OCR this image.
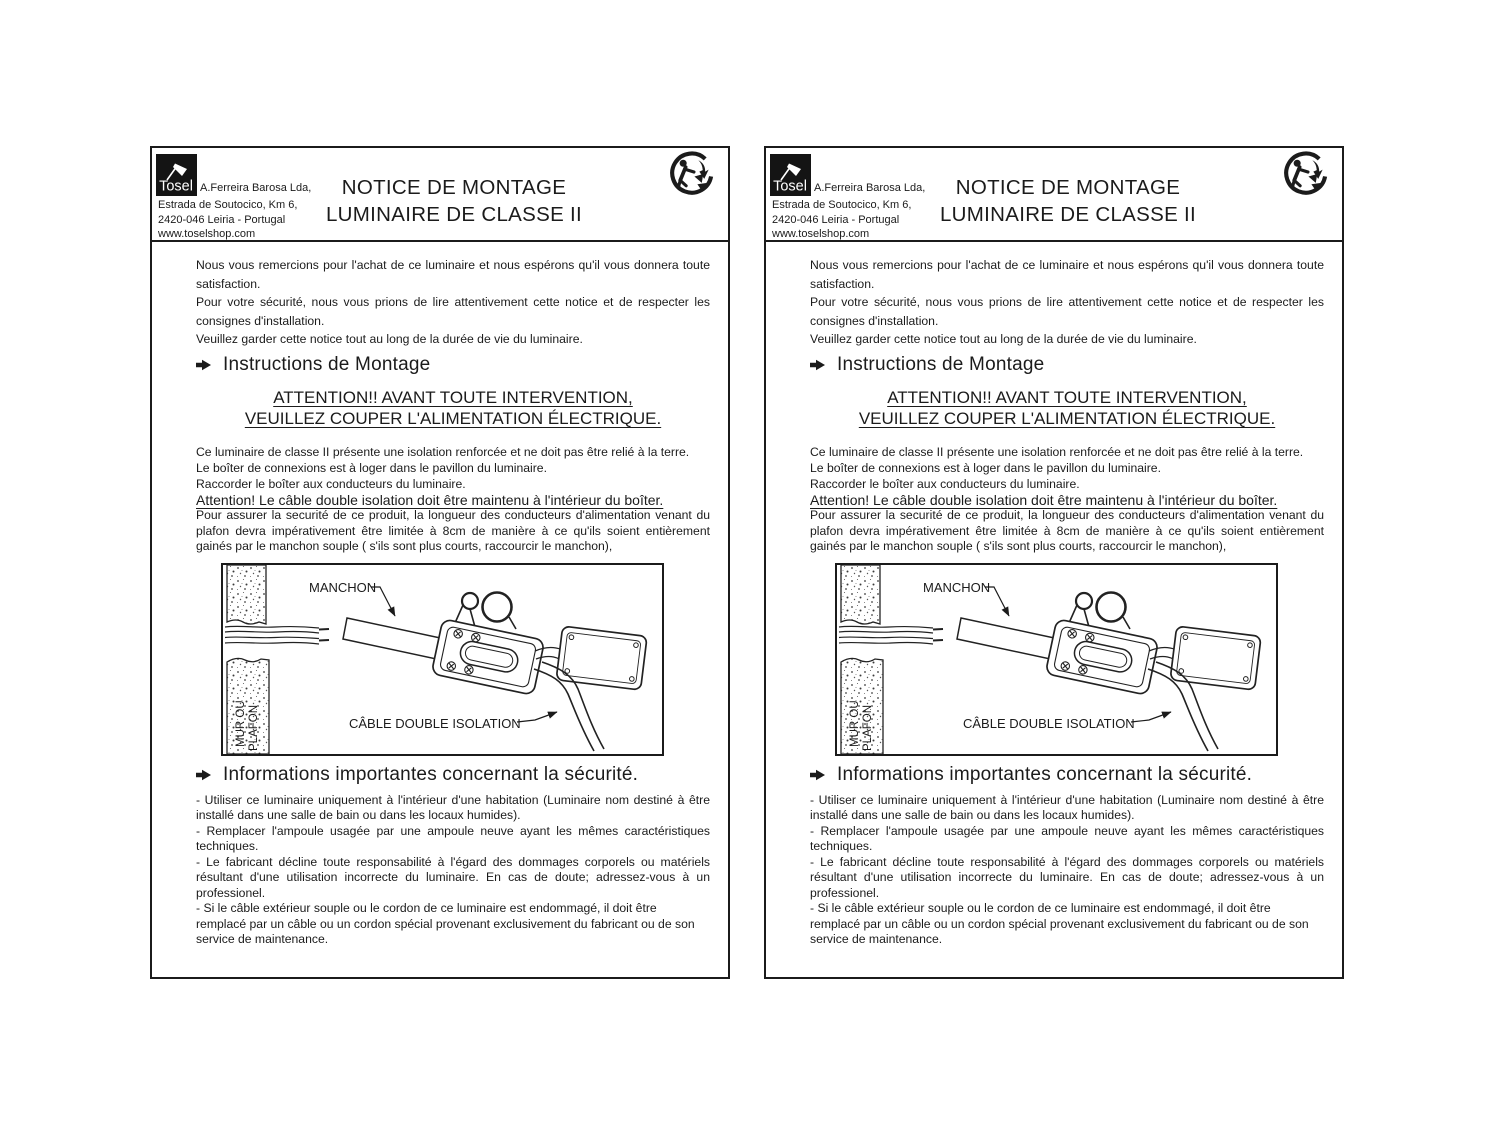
Tosel A.Ferreira Barosa Lda,
Estrada de Soutocico, Km 6,
2420-046 Leiria - Portugal
www.toselshop.com
NOTICE DE MONTAGE
LUMINAIRE DE CLASSE II

Nous vous remercions pour l'achat de ce luminaire et nous espérons qu'il vous donnera toute satisfaction.

Pour votre sécurité, nous vous prions de lire attentivement cette notice et de respecter les consignes d'installation.

Veuillez garder cette notice tout au long de la durée de vie du luminaire.

Instructions de Montage
ATTENTION!! AVANT TOUTE INTERVENTION,
VEUILLEZ COUPER L'ALIMENTATION ÉLECTRIQUE.
Ce luminaire de classe II présente une isolation renforcée et ne doit pas être relié à la terre.
Le boîter de connexions est à loger dans le pavillon du luminaire.
Raccorder le boîter aux conducteurs du luminaire.

Attention! Le câble double isolation doit être maintenu à l'intérieur du boîter.

Pour assurer la securité de ce produit, la longueur des conducteurs d'alimentation venant du plafon devra impérativement être limitée à 8cm de manière à ce qu'ils soient entièrement gainés par le manchon souple ( s'ils sont plus courts, raccourcir le manchon),

MANCHON
CÂBLE DOUBLE ISOLATION
MUR OU PLAFON
Informations importantes concernant la sécurité.

- Utiliser ce luminaire uniquement à l'intérieur d'une habitation (Luminaire nom destiné à être installé dans une salle de bain ou dans les locaux humides).

- Remplacer l'ampoule usagée par une ampoule neuve ayant les mêmes caractéristiques techniques.

- Le fabricant décline toute responsabilité à l'égard des dommages corporels ou matériels résultant d'une utilisation incorrecte du luminaire. En cas de doute; adressez-vous à un professionel.

- Si le câble extérieur souple ou le cordon de ce luminaire est endommagé, il doit être remplacé par un câble ou un cordon spécial provenant exclusivement du fabricant ou de son service de maintenance.

Tosel A.Ferreira Barosa Lda,
Estrada de Soutocico, Km 6,
2420-046 Leiria - Portugal
www.toselshop.com
NOTICE DE MONTAGE
LUMINAIRE DE CLASSE II

Nous vous remercions pour l'achat de ce luminaire et nous espérons qu'il vous donnera toute satisfaction.

Pour votre sécurité, nous vous prions de lire attentivement cette notice et de respecter les consignes d'installation.

Veuillez garder cette notice tout au long de la durée de vie du luminaire.

Instructions de Montage
ATTENTION!! AVANT TOUTE INTERVENTION,
VEUILLEZ COUPER L'ALIMENTATION ÉLECTRIQUE.
Ce luminaire de classe II présente une isolation renforcée et ne doit pas être relié à la terre.
Le boîter de connexions est à loger dans le pavillon du luminaire.
Raccorder le boîter aux conducteurs du luminaire.

Attention! Le câble double isolation doit être maintenu à l'intérieur du boîter.

Pour assurer la securité de ce produit, la longueur des conducteurs d'alimentation venant du plafon devra impérativement être limitée à 8cm de manière à ce qu'ils soient entièrement gainés par le manchon souple ( s'ils sont plus courts, raccourcir le manchon),

MANCHON
CÂBLE DOUBLE ISOLATION
MUR OU PLAFON
Informations importantes concernant la sécurité.

- Utiliser ce luminaire uniquement à l'intérieur d'une habitation (Luminaire nom destiné à être installé dans une salle de bain ou dans les locaux humides).

- Remplacer l'ampoule usagée par une ampoule neuve ayant les mêmes caractéristiques techniques.

- Le fabricant décline toute responsabilité à l'égard des dommages corporels ou matériels résultant d'une utilisation incorrecte du luminaire. En cas de doute; adressez-vous à un professionel.

- Si le câble extérieur souple ou le cordon de ce luminaire est endommagé, il doit être remplacé par un câble ou un cordon spécial provenant exclusivement du fabricant ou de son service de maintenance.
